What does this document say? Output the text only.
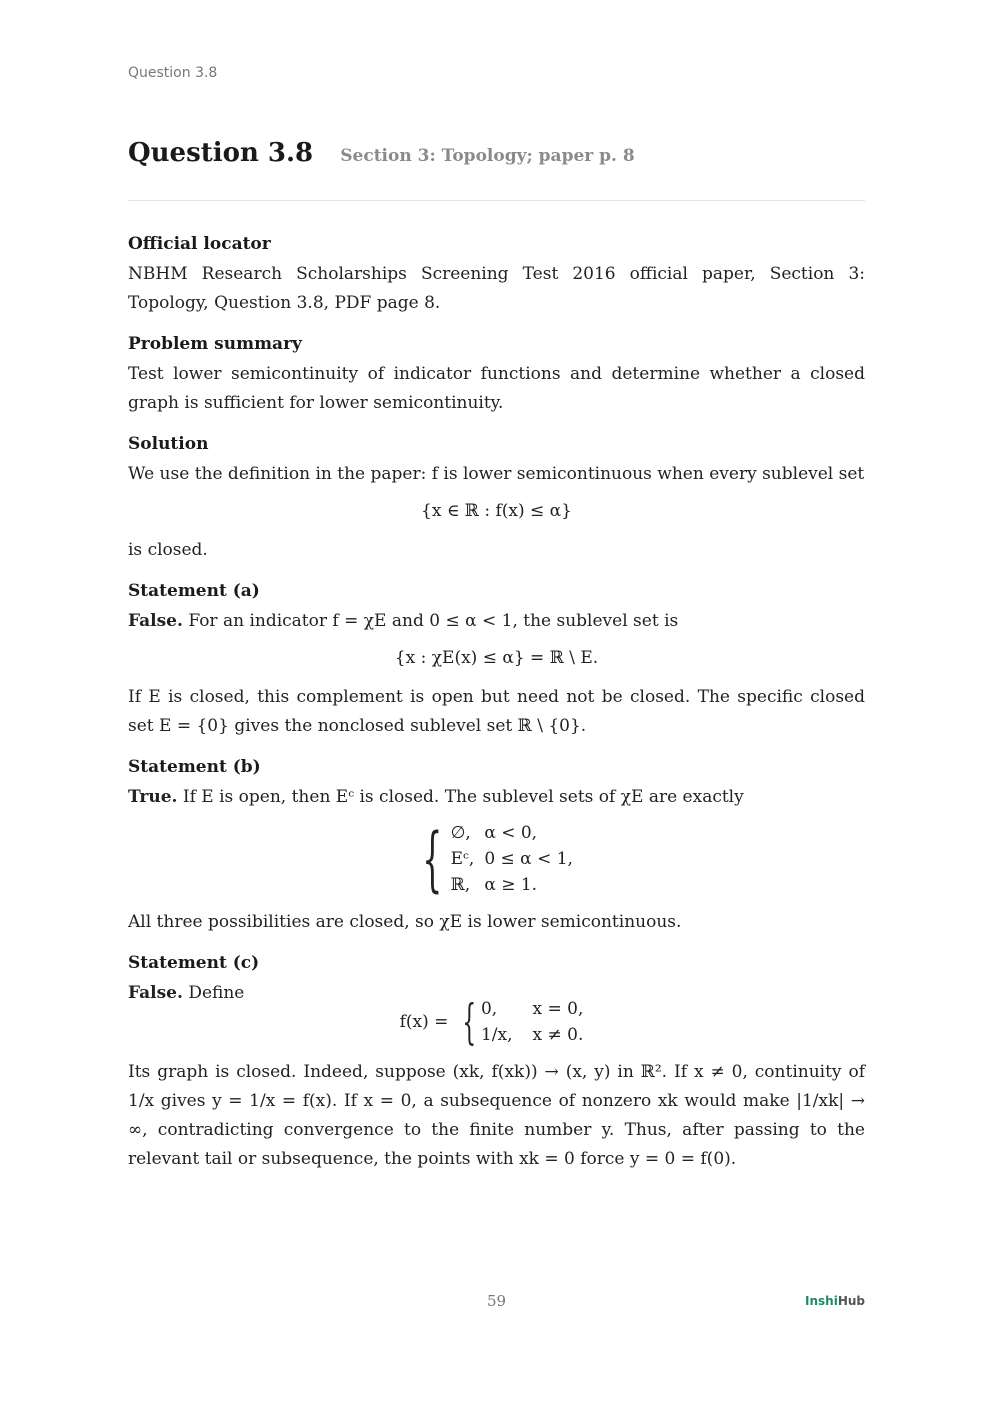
Question 3.8
Question 3.8 Section 3: Topology; paper p. 8
Official locator

NBHM Research Scholarships Screening Test 2016 official paper, Section 3: Topology, Question 3.8, PDF page 8.

Problem summary

Test lower semicontinuity of indicator functions and determine whether a closed graph is sufficient for lower semicontinuity.

Solution

We use the definition in the paper: f is lower semicontinuous when every sublevel set

{x ∈ ℝ : f(x) ≤ α}

is closed.

Statement (a)

False. For an indicator f = χE and 0 ≤ α < 1, the sublevel set is

{x : χE(x) ≤ α} = ℝ \ E.

If E is closed, this complement is open but need not be closed. The specific closed set E = {0} gives the nonclosed sublevel set ℝ \ {0}.

Statement (b)

True. If E is open, then Eᶜ is closed. The sublevel sets of χE are exactly

{ ∅,	α < 0,
Eᶜ,	0 ≤ α < 1,
ℝ,	α ≥ 1.

All three possibilities are closed, so χE is lower semicontinuous.

Statement (c)

False. Define

f(x) = { 0,	x = 0,
1/x,	x ≠ 0.

Its graph is closed. Indeed, suppose (xk, f(xk)) → (x, y) in ℝ². If x ≠ 0, continuity of 1/x gives y = 1/x = f(x). If x = 0, a subsequence of nonzero xk would make |1/xk| → ∞, contradicting convergence to the finite number y. Thus, after passing to the relevant tail or subsequence, the points with xk = 0 force y = 0 = f(0).

59	InshiHub
